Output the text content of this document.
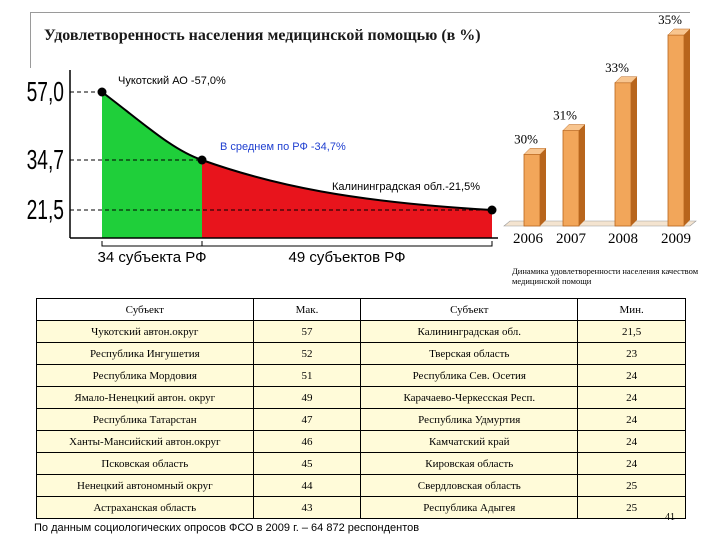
Удовлетворенность населения медицинской помощью (в %)
57,0
34,7
21,5
Чукотский АО -57,0%
В среднем по РФ -34,7%
Калининградская обл.-21,5%
34 субъекта РФ	49 субъектов РФ
30%
2006
31%
2007
33%
2008
35%
2009
Динамика удовлетворенности населения качеством медицинской помощи
Субъект	Мак.	Субъект	Мин.
Чукотский автон.округ	57	Калининградская обл.	21,5
Республика Ингушетия	52	Тверская область	23
Республика Мордовия	51	Республика Сев. Осетия	24
Ямало-Ненецкий автон. округ	49	Карачаево-Черкесская Респ.	24
Республика Татарстан	47	Республика Удмуртия	24
Ханты-Мансийский автон.округ	46	Камчатский край	24
Псковская область	45	Кировская область	24
Ненецкий автономный округ	44	Свердловская область	25
Астраханская область	43	Республика Адыгея	25
По данным социологических опросов ФСО в 2009 г. – 64 872 респондентов
41
